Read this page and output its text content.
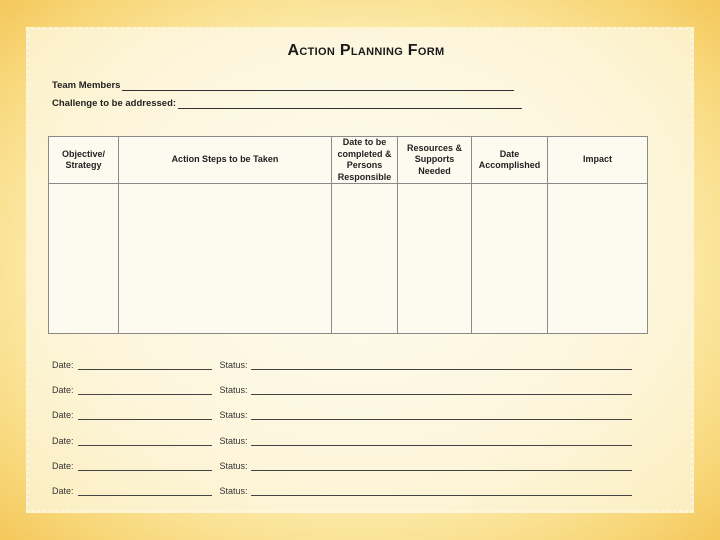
Action Planning Form
Team Members
Challenge to be addressed:
Objective/ Strategy	Action Steps to be Taken	Date to be completed & Persons Responsible	Resources & Supports Needed	Date Accomplished	Impact

Date:	Status:
Date:	Status:
Date:	Status:
Date:	Status:
Date:	Status:
Date:	Status:
